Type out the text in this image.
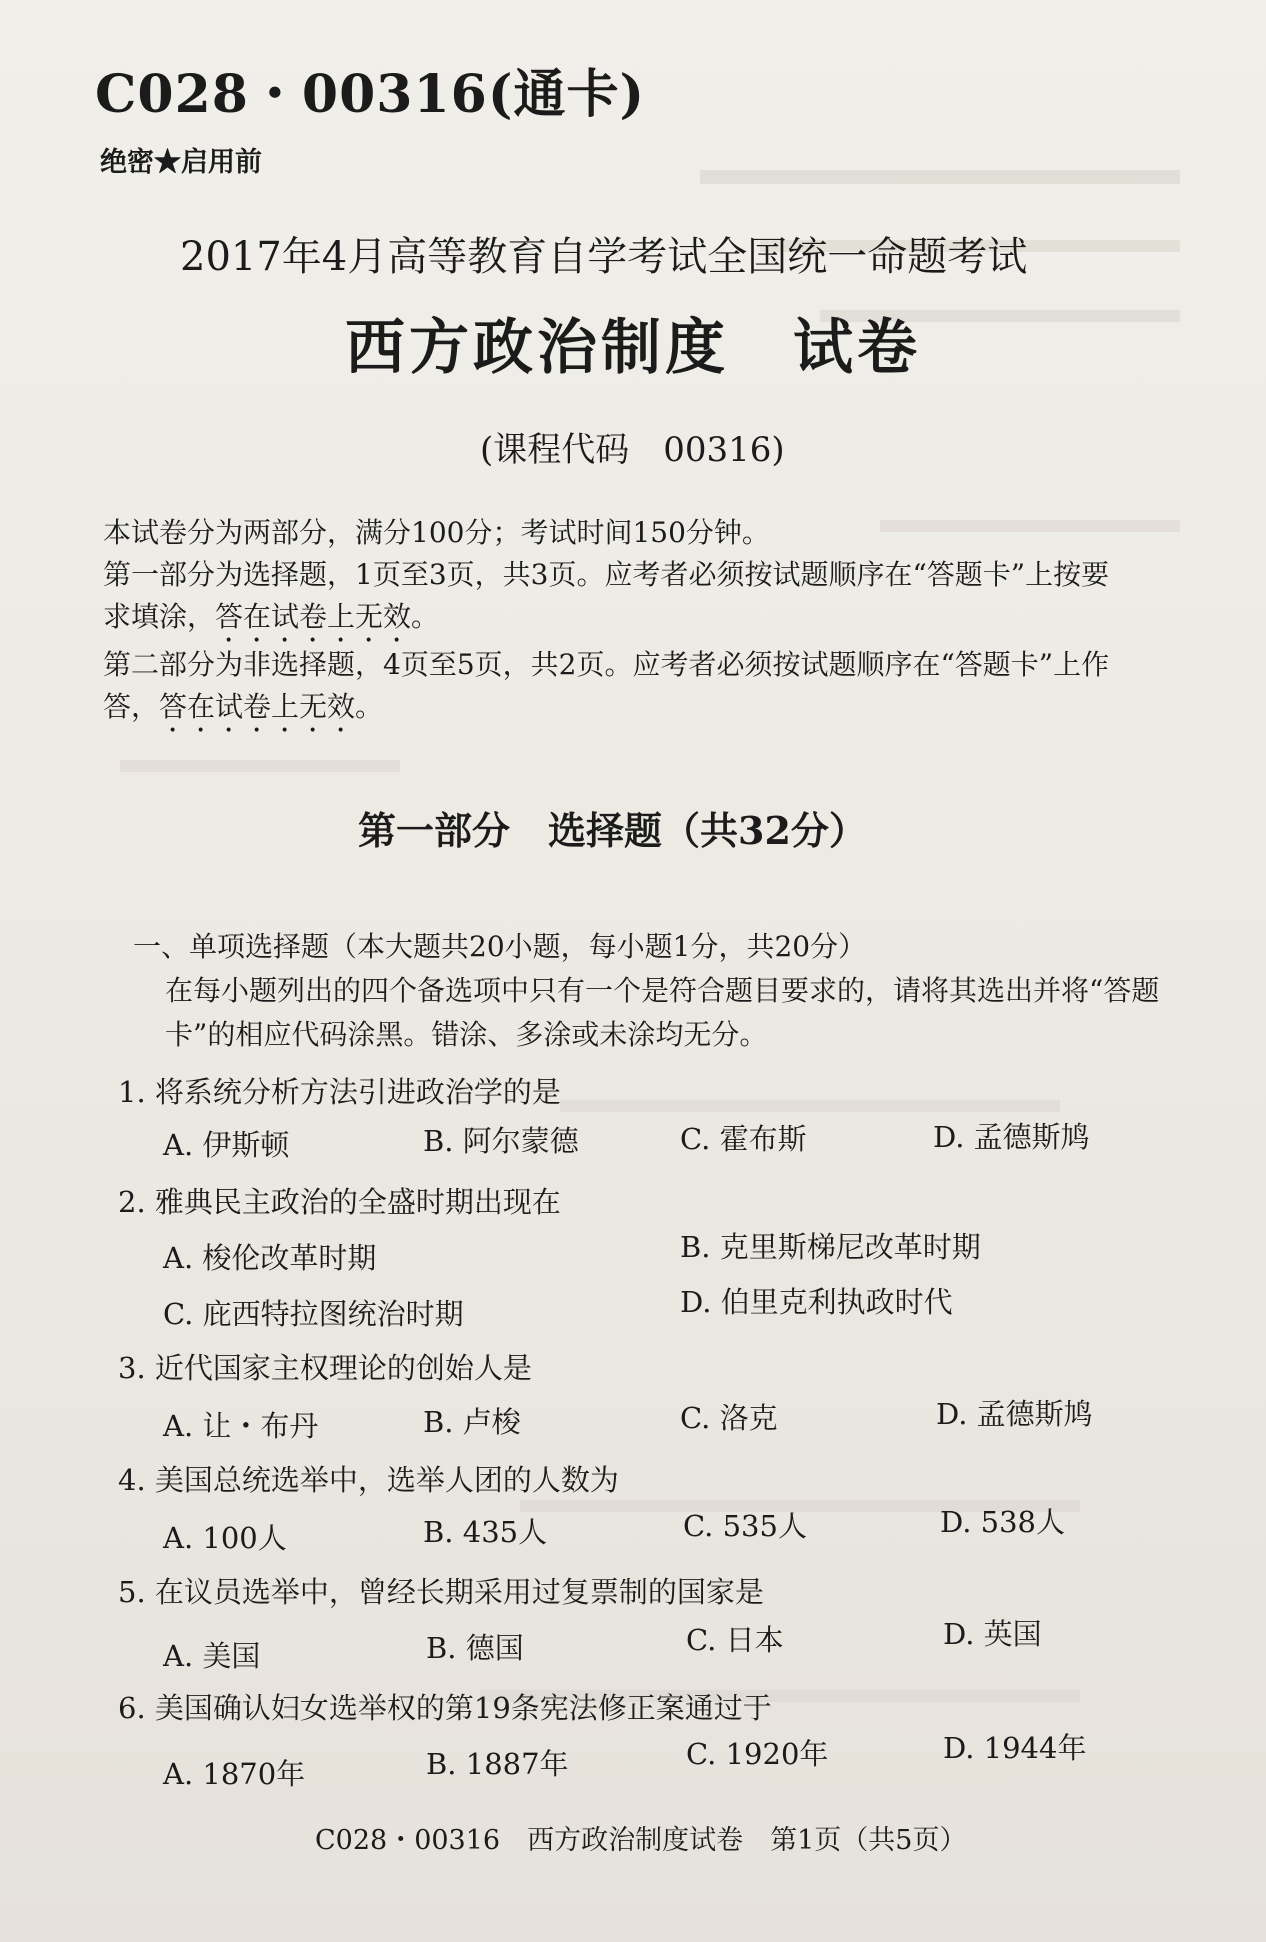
C028・00316(通卡)
绝密★启用前
2017年4月高等教育自学考试全国统一命题考试
西方政治制度　试卷
(课程代码　00316)
本试卷分为两部分，满分100分；考试时间150分钟。
第一部分为选择题，1页至3页，共3页。应考者必须按试题顺序在“答题卡”上按要
求填涂，答在试卷上无效。
第二部分为非选择题，4页至5页，共2页。应考者必须按试题顺序在“答题卡”上作
答，答在试卷上无效。
第一部分　选择题（共32分）
一、单项选择题（本大题共20小题，每小题1分，共20分）
在每小题列出的四个备选项中只有一个是符合题目要求的，请将其选出并将“答题
卡”的相应代码涂黑。错涂、多涂或未涂均无分。
1. 将系统分析方法引进政治学的是
A. 伊斯顿	B. 阿尔蒙德	C. 霍布斯	D. 孟德斯鸠
2. 雅典民主政治的全盛时期出现在
A. 梭伦改革时期	B. 克里斯梯尼改革时期
C. 庇西特拉图统治时期	D. 伯里克利执政时代
3. 近代国家主权理论的创始人是
A. 让・布丹	B. 卢梭	C. 洛克	D. 孟德斯鸠
4. 美国总统选举中，选举人团的人数为
A. 100人	B. 435人	C. 535人	D. 538人
5. 在议员选举中，曾经长期采用过复票制的国家是
A. 美国	B. 德国	C. 日本	D. 英国
6. 美国确认妇女选举权的第19条宪法修正案通过于
A. 1870年	B. 1887年	C. 1920年	D. 1944年
C028・00316　西方政治制度试卷　第1页（共5页）
